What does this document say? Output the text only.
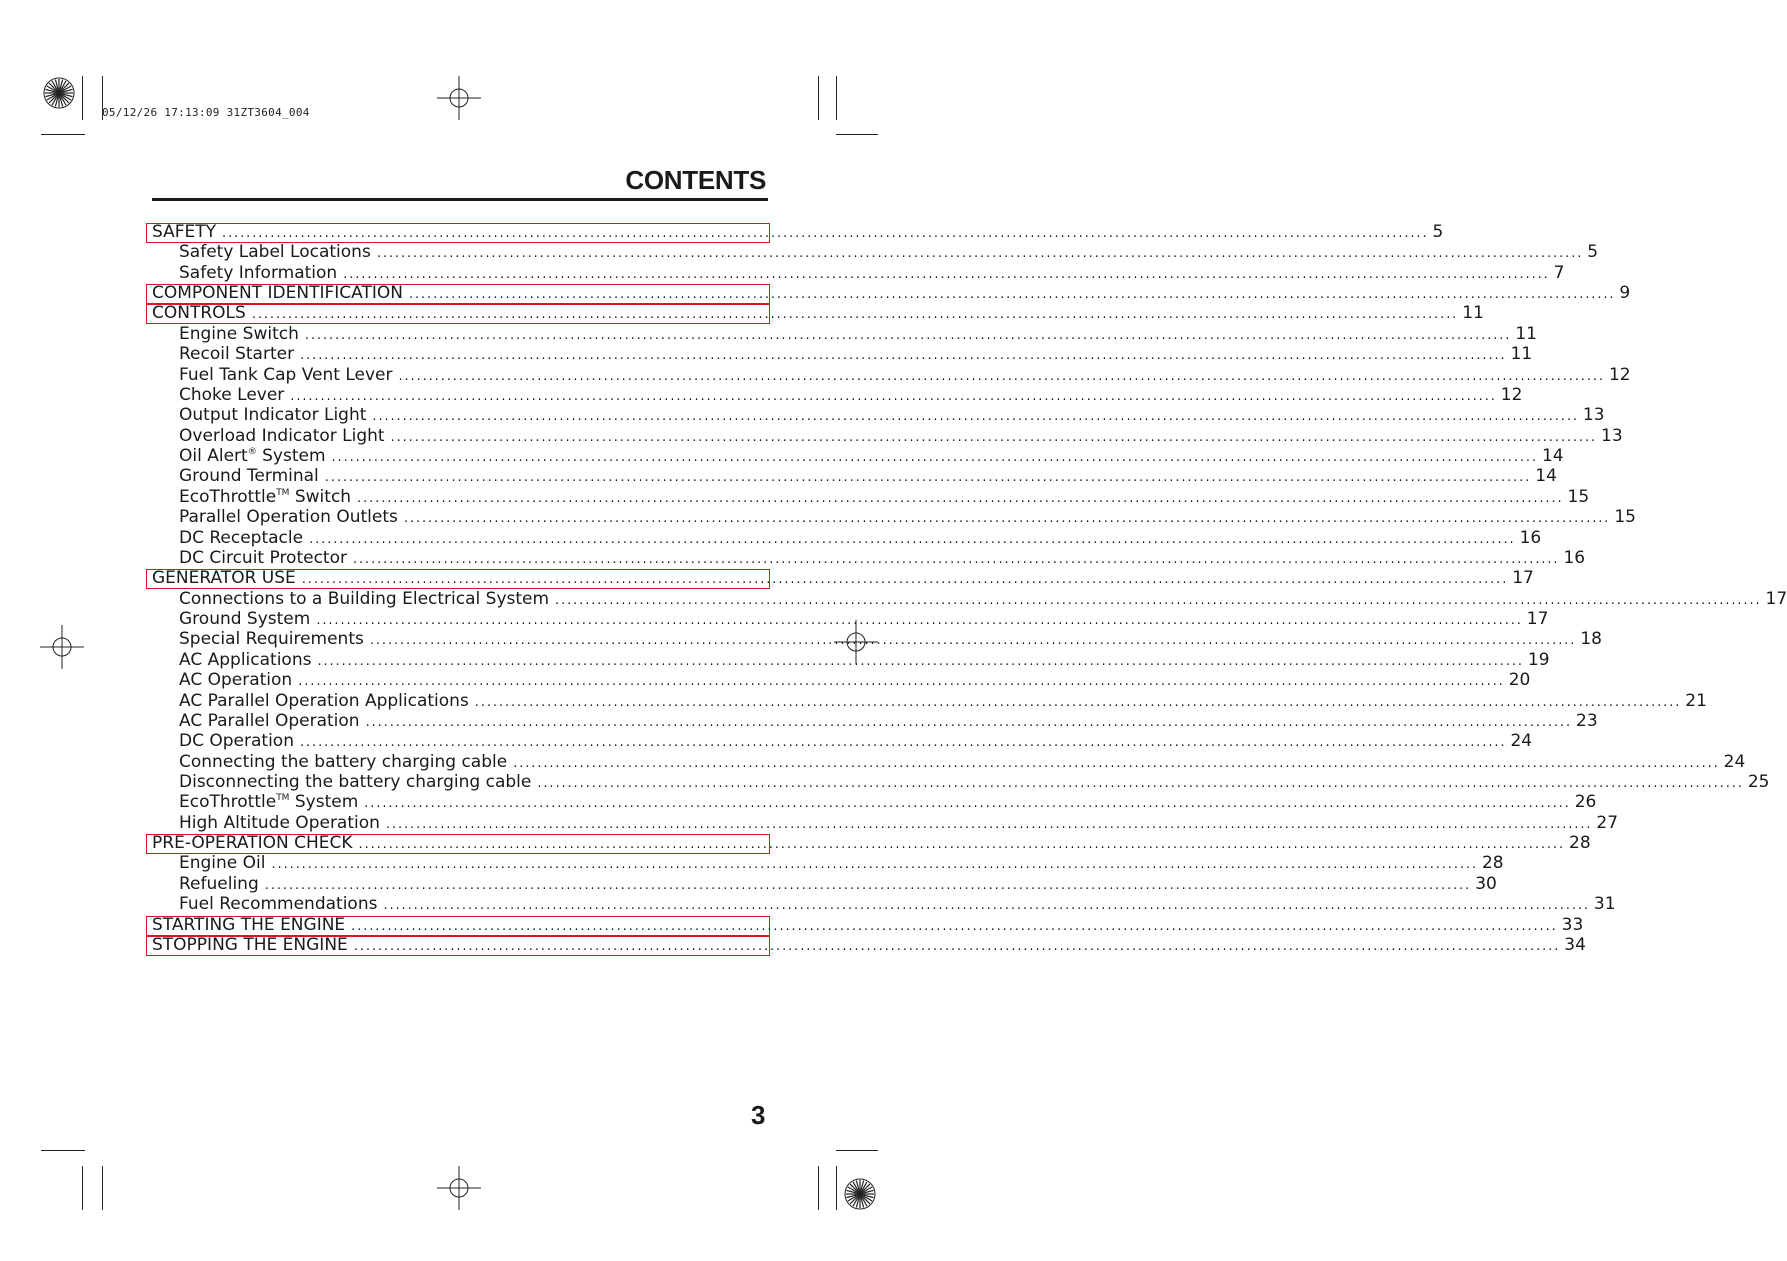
05/12/26 17:13:09 31ZT3604_004
CONTENTS
SAFETY ........................................................................................................................................................................................................ 5
Safety Label Locations ........................................................................................................................................................................................................ 5
Safety Information ........................................................................................................................................................................................................ 7
COMPONENT IDENTIFICATION ........................................................................................................................................................................................................ 9
CONTROLS ........................................................................................................................................................................................................ 11
Engine Switch ........................................................................................................................................................................................................ 11
Recoil Starter ........................................................................................................................................................................................................ 11
Fuel Tank Cap Vent Lever ........................................................................................................................................................................................................ 12
Choke Lever ........................................................................................................................................................................................................ 12
Output Indicator Light ........................................................................................................................................................................................................ 13
Overload Indicator Light ........................................................................................................................................................................................................ 13
Oil Alert® System ........................................................................................................................................................................................................ 14
Ground Terminal ........................................................................................................................................................................................................ 14
EcoThrottle™ Switch ........................................................................................................................................................................................................ 15
Parallel Operation Outlets ........................................................................................................................................................................................................ 15
DC Receptacle ........................................................................................................................................................................................................ 16
DC Circuit Protector ........................................................................................................................................................................................................ 16
GENERATOR USE ........................................................................................................................................................................................................ 17
Connections to a Building Electrical System ........................................................................................................................................................................................................ 17
Ground System ........................................................................................................................................................................................................ 17
Special Requirements ........................................................................................................................................................................................................ 18
AC Applications ........................................................................................................................................................................................................ 19
AC Operation ........................................................................................................................................................................................................ 20
AC Parallel Operation Applications ........................................................................................................................................................................................................ 21
AC Parallel Operation ........................................................................................................................................................................................................ 23
DC Operation ........................................................................................................................................................................................................ 24
Connecting the battery charging cable ........................................................................................................................................................................................................ 24
Disconnecting the battery charging cable ........................................................................................................................................................................................................ 25
EcoThrottle™ System ........................................................................................................................................................................................................ 26
High Altitude Operation ........................................................................................................................................................................................................ 27
PRE-OPERATION CHECK ........................................................................................................................................................................................................ 28
Engine Oil ........................................................................................................................................................................................................ 28
Refueling ........................................................................................................................................................................................................ 30
Fuel Recommendations ........................................................................................................................................................................................................ 31
STARTING THE ENGINE ........................................................................................................................................................................................................ 33
STOPPING THE ENGINE ........................................................................................................................................................................................................ 34
3
